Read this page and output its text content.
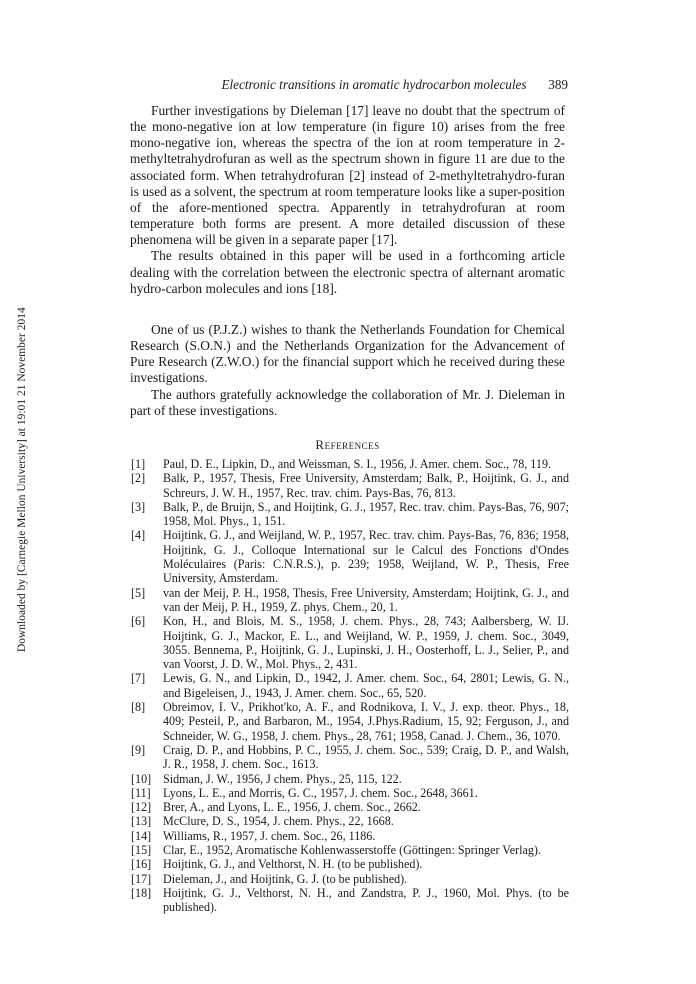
Downloaded by [Carnegie Mellon University] at 19:01 21 November 2014
Electronic transitions in aromatic hydrocarbon molecules	389

Further investigations by Dieleman [17] leave no doubt that the spectrum of the mono-negative ion at low temperature (in figure 10) arises from the free mono-negative ion, whereas the spectra of the ion at room temperature in 2-methyltetrahydrofuran as well as the spectrum shown in figure 11 are due to the associated form. When tetrahydrofuran [2] instead of 2-methyltetrahydro-furan is used as a solvent, the spectrum at room temperature looks like a super-position of the afore-mentioned spectra. Apparently in tetrahydrofuran at room temperature both forms are present. A more detailed discussion of these phenomena will be given in a separate paper [17].

The results obtained in this paper will be used in a forthcoming article dealing with the correlation between the electronic spectra of alternant aromatic hydro-carbon molecules and ions [18].

One of us (P.J.Z.) wishes to thank the Netherlands Foundation for Chemical Research (S.O.N.) and the Netherlands Organization for the Advancement of Pure Research (Z.W.O.) for the financial support which he received during these investigations.

The authors gratefully acknowledge the collaboration of Mr. J. Dieleman in part of these investigations.

References
[1] Paul, D. E., Lipkin, D., and Weissman, S. I., 1956, J. Amer. chem. Soc., 78, 119.
[2] Balk, P., 1957, Thesis, Free University, Amsterdam; Balk, P., Hoijtink, G. J., and Schreurs, J. W. H., 1957, Rec. trav. chim. Pays-Bas, 76, 813.
[3] Balk, P., de Bruijn, S., and Hoijtink, G. J., 1957, Rec. trav. chim. Pays-Bas, 76, 907; 1958, Mol. Phys., 1, 151.
[4] Hoijtink, G. J., and Weijland, W. P., 1957, Rec. trav. chim. Pays-Bas, 76, 836; 1958, Hoijtink, G. J., Colloque International sur le Calcul des Fonctions d'Ondes Moléculaires (Paris: C.N.R.S.), p. 239; 1958, Weijland, W. P., Thesis, Free University, Amsterdam.
[5] van der Meij, P. H., 1958, Thesis, Free University, Amsterdam; Hoijtink, G. J., and van der Meij, P. H., 1959, Z. phys. Chem., 20, 1.
[6] Kon, H., and Blois, M. S., 1958, J. chem. Phys., 28, 743; Aalbersberg, W. IJ. Hoijtink, G. J., Mackor, E. L., and Weijland, W. P., 1959, J. chem. Soc., 3049, 3055. Bennema, P., Hoijtink, G. J., Lupinski, J. H., Oosterhoff, L. J., Selier, P., and van Voorst, J. D. W., Mol. Phys., 2, 431.
[7] Lewis, G. N., and Lipkin, D., 1942, J. Amer. chem. Soc., 64, 2801; Lewis, G. N., and Bigeleisen, J., 1943, J. Amer. chem. Soc., 65, 520.
[8] Obreimov, I. V., Prikhot'ko, A. F., and Rodnikova, I. V., J. exp. theor. Phys., 18, 409; Pesteil, P., and Barbaron, M., 1954, J.Phys.Radium, 15, 92; Ferguson, J., and Schneider, W. G., 1958, J. chem. Phys., 28, 761; 1958, Canad. J. Chem., 36, 1070.
[9] Craig, D. P., and Hobbins, P. C., 1955, J. chem. Soc., 539; Craig, D. P., and Walsh, J. R., 1958, J. chem. Soc., 1613.
[10] Sidman, J. W., 1956, J chem. Phys., 25, 115, 122.
[11] Lyons, L. E., and Morris, G. C., 1957, J. chem. Soc., 2648, 3661.
[12] Brer, A., and Lyons, L. E., 1956, J. chem. Soc., 2662.
[13] McClure, D. S., 1954, J. chem. Phys., 22, 1668.
[14] Williams, R., 1957, J. chem. Soc., 26, 1186.
[15] Clar, E., 1952, Aromatische Kohlenwasserstoffe (Göttingen: Springer Verlag).
[16] Hoijtink, G. J., and Velthorst, N. H. (to be published).
[17] Dieleman, J., and Hoijtink, G. J. (to be published).
[18] Hoijtink, G. J., Velthorst, N. H., and Zandstra, P. J., 1960, Mol. Phys. (to be published).
